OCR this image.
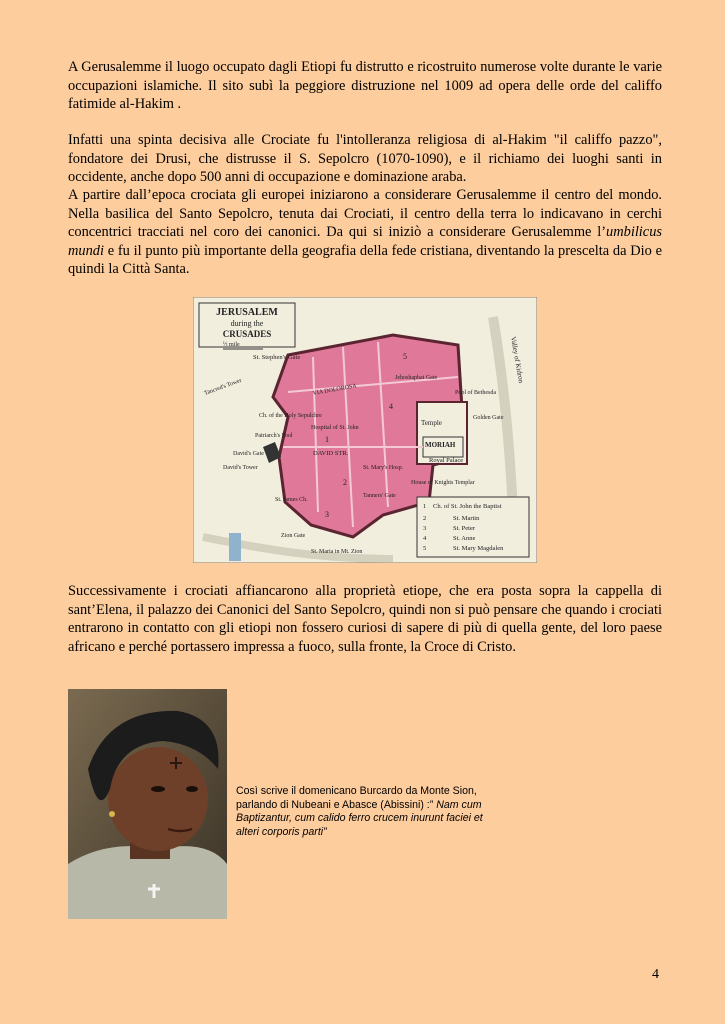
A Gerusalemme il luogo occupato dagli Etiopi fu distrutto e ricostruito numerose volte durante le varie occupazioni islamiche. Il sito subì la peggiore distruzione nel 1009 ad opera delle orde del califfo fatimide al-Hakim .

Infatti una spinta decisiva alle Crociate fu l'intolleranza religiosa di al-Hakim "il califfo pazzo", fondatore dei Drusi, che distrusse il S. Sepolcro (1070-1090), e il richiamo dei luoghi santi in occidente, anche dopo 500 anni di occupazione e dominazione araba.

A partire dall’epoca crociata gli europei iniziarono a considerare Gerusalemme il centro del mondo. Nella basilica del Santo Sepolcro, tenuta dai Crociati, il centro della terra lo indicavano in cerchi concentrici tracciati nel coro dei canonici. Da qui si iniziò a considerare Gerusalemme l’umbilicus mundi e fu il punto più importante della geografia della fede cristiana, diventando la prescelta da Dio e quindi la Città Santa.

JERUSALEM
during the
CRUSADES
½ mile
St. Stephen's Gate
Tancred's Tower	VIA DOLOROSA
Jehoshaphat Gate
Pool of Bethesda
Ch. of the Holy Sepulchre
Hospital of St. John
Temple
MORIAH
Golden Gate
Patriarch's Pool
David's Gate
David's Tower
DAVID STR.
St. Mary's Hosp.
Royal Palace
House of Knights Templar
St. James Ch.
Tanners' Gate
Zion Gate
St. Maria in Mt. Zion
Valley of Kidron
5
1
2
3
4
1 Ch. of St. John the Baptist
2	St. Martin
3	St. Peter
4	St. Anne
5	St. Mary Magdalen

Successivamente i crociati affiancarono alla proprietà etiope, che era posta sopra la cappella di sant’Elena, il palazzo dei Canonici del Santo Sepolcro, quindi non si può pensare che quando i crociati entrarono in contatto con gli etiopi non fossero curiosi di sapere di più di quella gente, del loro paese africano e perché portassero impressa a fuoco, sulla fronte, la Croce di Cristo.

Così scrive il domenicano Burcardo da Monte Sion, parlando di Nubeani e Abasce (Abissini) :” Nam cum Baptizantur, cum calido ferro crucem inurunt faciei et alteri corporis parti”
4
